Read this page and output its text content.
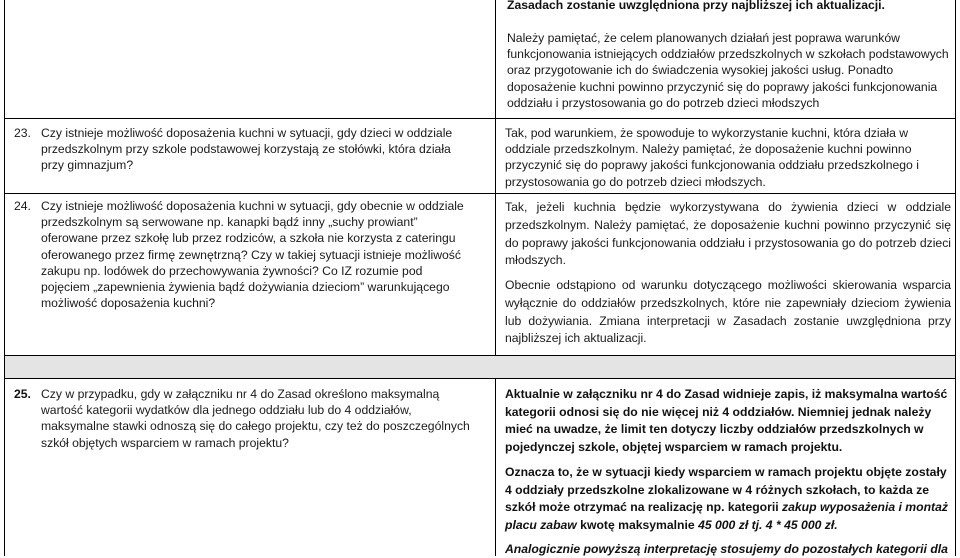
Zasadach zostanie uwzględniona przy najbliższej ich aktualizacji.
Należy pamiętać, że celem planowanych działań jest poprawa warunków funkcjonowania istniejących oddziałów przedszkolnych w szkołach podstawowych oraz przygotowanie ich do świadczenia wysokiej jakości usług. Ponadto doposażenie kuchni powinno przyczynić się do poprawy jakości funkcjonowania oddziału i przystosowania go do potrzeb dzieci młodszych
23. Czy istnieje możliwość doposażenia kuchni w sytuacji, gdy dzieci w oddziale przedszkolnym przy szkole podstawowej korzystają ze stołówki, która działa przy gimnazjum?
Tak, pod warunkiem, że spowoduje to wykorzystanie kuchni, która działa w oddziale przedszkolnym. Należy pamiętać, że doposażenie kuchni powinno przyczynić się do poprawy jakości funkcjonowania oddziału przedszkolnego i przystosowania go do potrzeb dzieci młodszych.
24. Czy istnieje możliwość doposażenia kuchni w sytuacji, gdy obecnie w oddziale przedszkolnym są serwowane np. kanapki bądź inny „suchy prowiant” oferowane przez szkołę lub przez rodziców, a szkoła nie korzysta z cateringu oferowanego przez firmę zewnętrzną? Czy w takiej sytuacji istnieje możliwość zakupu np. lodówek do przechowywania żywności? Co IZ rozumie pod pojęciem „zapewnienia żywienia bądź dożywiania dzieciom” warunkującego możliwość doposażenia kuchni?
Tak, jeżeli kuchnia będzie wykorzystywana do żywienia dzieci w oddziale przedszkolnym. Należy pamiętać, że doposażenie kuchni powinno przyczynić się do poprawy jakości funkcjonowania oddziału i przystosowania go do potrzeb dzieci młodszych.
Obecnie odstąpiono od warunku dotyczącego możliwości skierowania wsparcia wyłącznie do oddziałów przedszkolnych, które nie zapewniały dzieciom żywienia lub dożywiania. Zmiana interpretacji w Zasadach zostanie uwzględniona przy najbliższej ich aktualizacji.
25. Czy w przypadku, gdy w załączniku nr 4 do Zasad określono maksymalną wartość kategorii wydatków dla jednego oddziału lub do 4 oddziałów, maksymalne stawki odnoszą się do całego projektu, czy też do poszczególnych szkół objętych wsparciem w ramach projektu?
Aktualnie w załączniku nr 4 do Zasad widnieje zapis, iż maksymalna wartość kategorii odnosi się do nie więcej niż 4 oddziałów. Niemniej jednak należy mieć na uwadze, że limit ten dotyczy liczby oddziałów przedszkolnych w pojedynczej szkole, objętej wsparciem w ramach projektu.
Oznacza to, że w sytuacji kiedy wsparciem w ramach projektu objęte zostały 4 oddziały przedszkolne zlokalizowane w 4 różnych szkołach, to każda ze szkół może otrzymać na realizację np. kategorii zakup wyposażenia i montaż placu zabaw kwotę maksymalnie 45 000 zł tj. 4 * 45 000 zł.
Analogicznie powyższą interpretację stosujemy do pozostałych kategorii dla
